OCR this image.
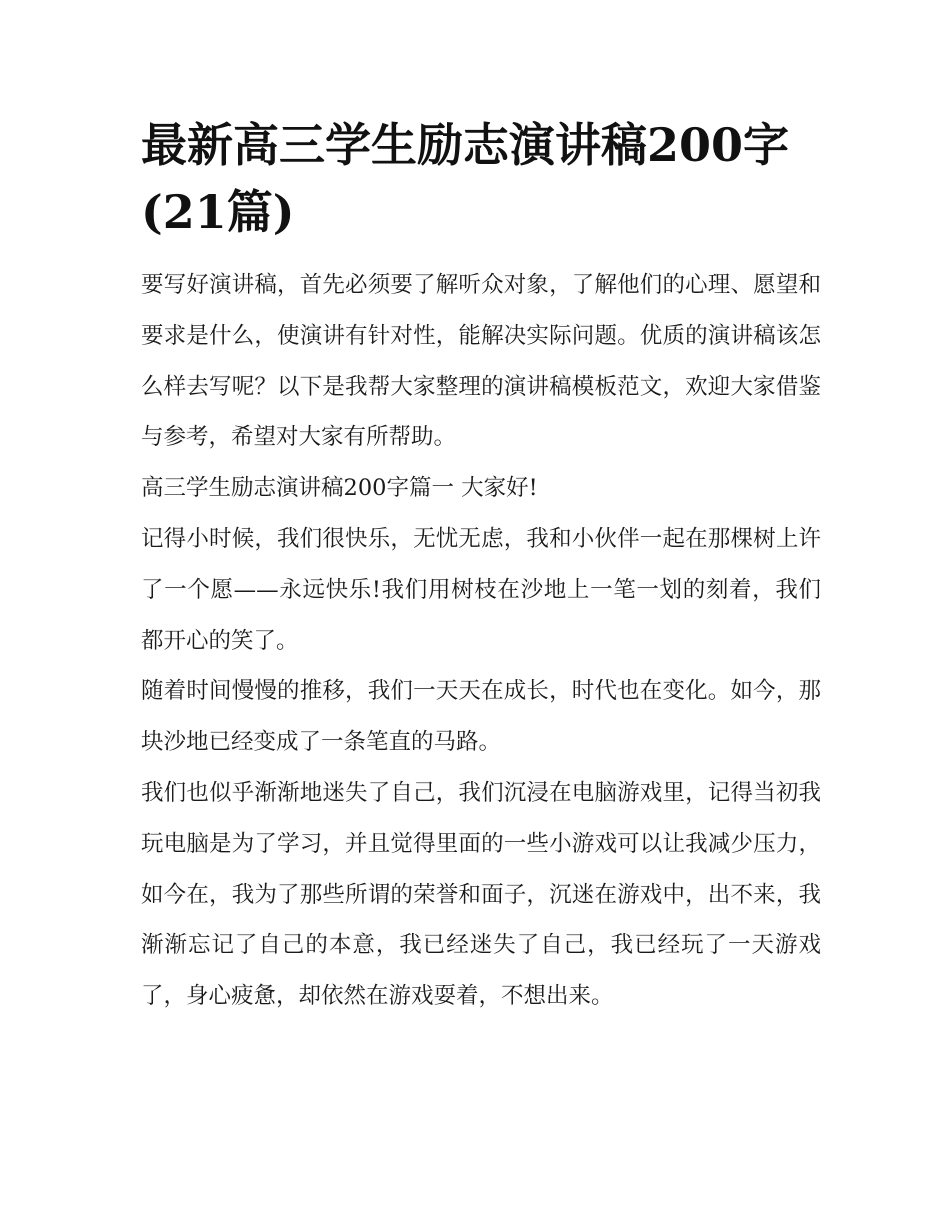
最新高三学生励志演讲稿200字(21篇)

要写好演讲稿，首先必须要了解听众对象，了解他们的心理、愿望和要求是什么，使演讲有针对性，能解决实际问题。优质的演讲稿该怎么样去写呢？以下是我帮大家整理的演讲稿模板范文，欢迎大家借鉴与参考，希望对大家有所帮助。

高三学生励志演讲稿200字篇一 大家好!

记得小时候，我们很快乐，无忧无虑，我和小伙伴一起在那棵树上许了一个愿——永远快乐!我们用树枝在沙地上一笔一划的刻着，我们都开心的笑了。

随着时间慢慢的推移，我们一天天在成长，时代也在变化。如今，那块沙地已经变成了一条笔直的马路。

我们也似乎渐渐地迷失了自己，我们沉浸在电脑游戏里，记得当初我玩电脑是为了学习，并且觉得里面的一些小游戏可以让我减少压力，如今在，我为了那些所谓的荣誉和面子，沉迷在游戏中，出不来，我渐渐忘记了自己的本意，我已经迷失了自己，我已经玩了一天游戏了，身心疲惫，却依然在游戏耍着，不想出来。
